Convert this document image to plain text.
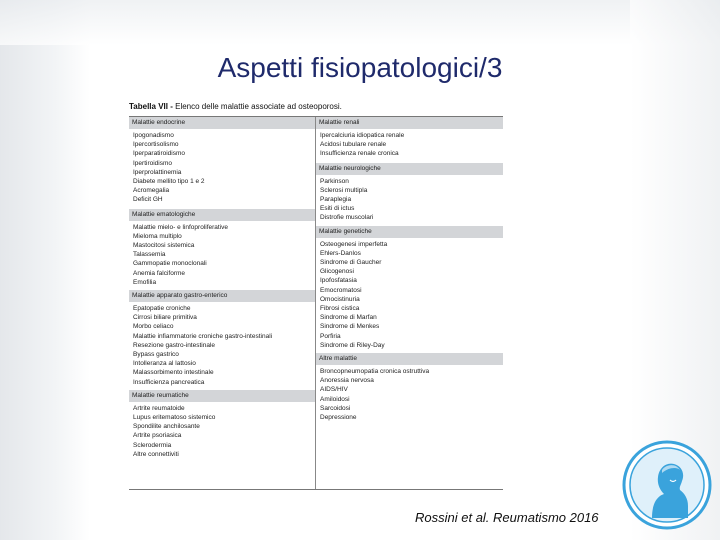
Aspetti fisiopatologici/3
Tabella VII - Elenco delle malattie associate ad osteoporosi.
Malattie endocrine
Ipogonadismo
Ipercortisolismo
Iperparatiroidismo
Ipertiroidismo
Iperprolattinemia
Diabete mellito tipo 1 e 2
Acromegalia
Deficit GH
Malattie ematologiche
Malattie mielo- e linfoproliferative
Mieloma multiplo
Mastocitosi sistemica
Talassemia
Gammopatie monoclonali
Anemia falciforme
Emofilia
Malattie apparato gastro-enterico
Epatopatie croniche
Cirrosi biliare primitiva
Morbo celiaco
Malattie infiammatorie croniche gastro-intestinali
Resezione gastro-intestinale
Bypass gastrico
Intolleranza al lattosio
Malassorbimento intestinale
Insufficienza pancreatica
Malattie reumatiche
Artrite reumatoide
Lupus eritematoso sistemico
Spondilite anchilosante
Artrite psoriasica
Sclerodermia
Altre connettiviti
Malattie renali
Ipercalciuria idiopatica renale
Acidosi tubulare renale
Insufficienza renale cronica
Malattie neurologiche
Parkinson
Sclerosi multipla
Paraplegia
Esiti di ictus
Distrofie muscolari
Malattie genetiche
Osteogenesi imperfetta
Ehlers-Danlos
Sindrome di Gaucher
Glicogenosi
Ipofosfatasia
Emocromatosi
Omocistinuria
Fibrosi cistica
Sindrome di Marfan
Sindrome di Menkes
Porfiria
Sindrome di Riley-Day
Altre malattie
Broncopneumopatia cronica ostruttiva
Anoressia nervosa
AIDS/HIV
Amiloidosi
Sarcoidosi
Depressione
Rossini et al. Reumatismo 2016
